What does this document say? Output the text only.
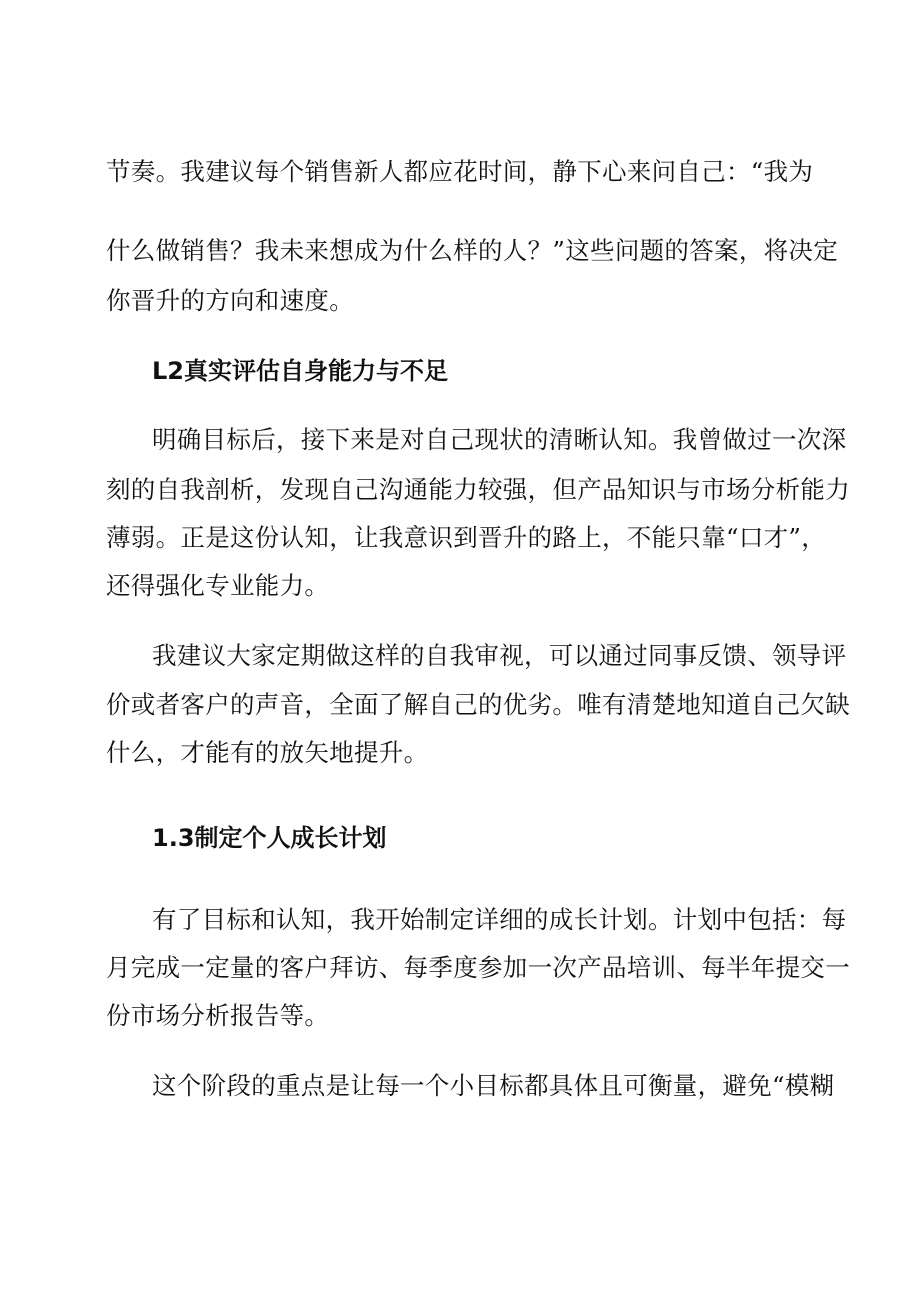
节奏。我建议每个销售新人都应花时间，静下心来问自己：“我为
什么做销售？我未来想成为什么样的人？”这些问题的答案，将决定
你晋升的方向和速度。
L2真实评估自身能力与不足
明确目标后，接下来是对自己现状的清晰认知。我曾做过一次深
刻的自我剖析，发现自己沟通能力较强，但产品知识与市场分析能力
薄弱。正是这份认知，让我意识到晋升的路上，不能只靠“口才”，
还得强化专业能力。
我建议大家定期做这样的自我审视，可以通过同事反馈、领导评
价或者客户的声音，全面了解自己的优劣。唯有清楚地知道自己欠缺
什么，才能有的放矢地提升。
1.3制定个人成长计划
有了目标和认知，我开始制定详细的成长计划。计划中包括：每
月完成一定量的客户拜访、每季度参加一次产品培训、每半年提交一
份市场分析报告等。
这个阶段的重点是让每一个小目标都具体且可衡量，避免“模糊
